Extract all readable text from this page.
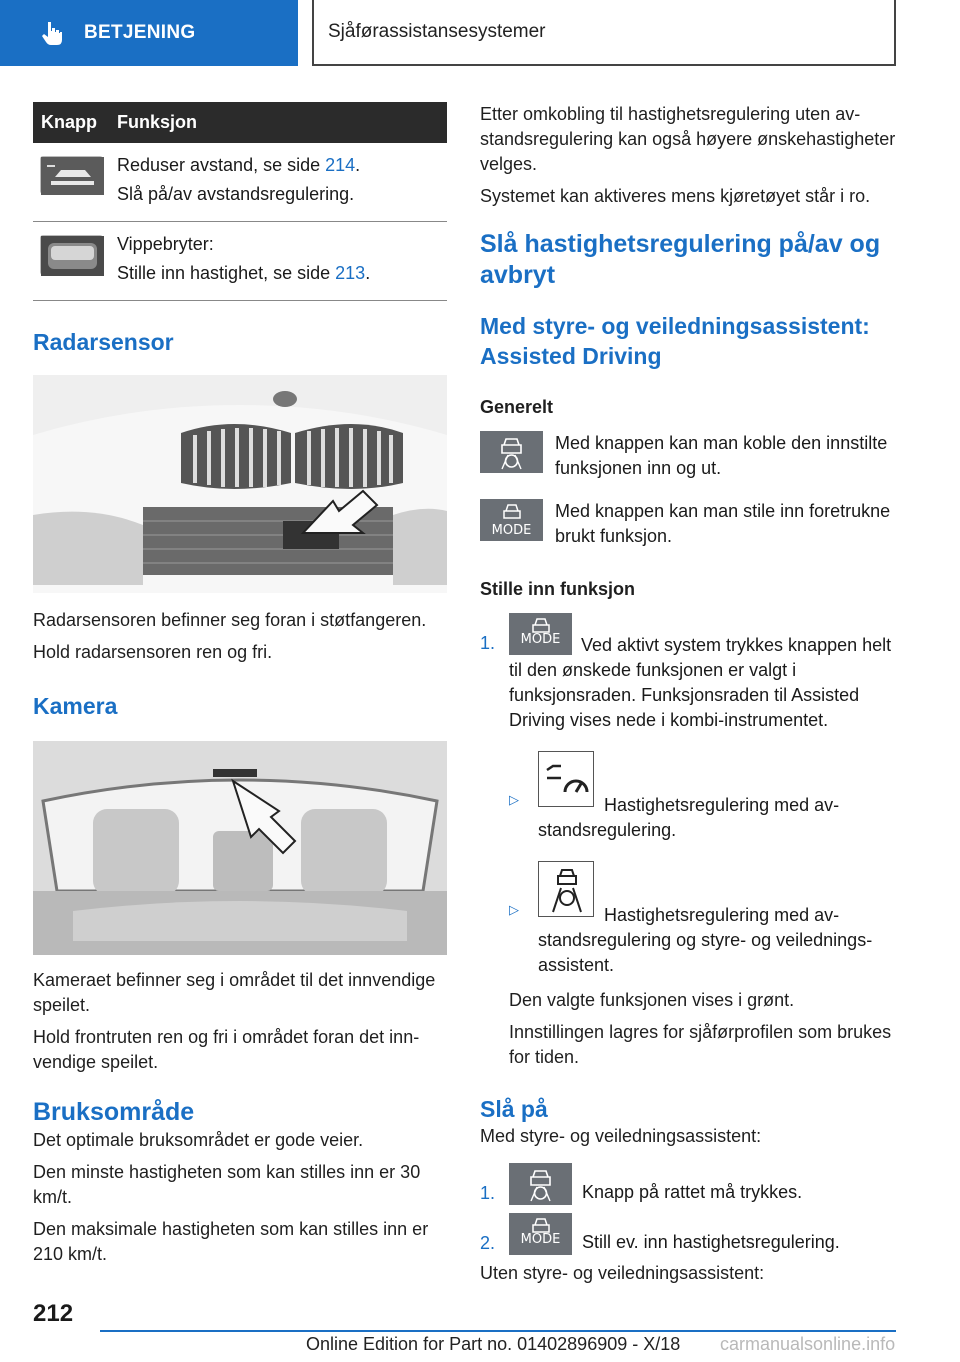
BETJENING	Sjåførassistansesystemer
Knapp	Funksjon

Reduser avstand, se side 214.
Slå på/av avstandsregulering.

Vippebryter:
Stille inn hastighet, se side 213.
Radarsensor

Radarsensoren befinner seg foran i støtfangeren.

Hold radarsensoren ren og fri.

Kamera

Kameraet befinner seg i området til det innvendige speilet.

Hold frontruten ren og fri i området foran det innvendige speilet.

Bruksområde

Det optimale bruksområdet er gode veier.

Den minste hastigheten som kan stilles inn er 30 km/t.

Den maksimale hastigheten som kan stilles inn er 210 km/t.

Etter omkobling til hastighetsregulering uten avstandsregulering kan også høyere ønskehastigheter velges.

Systemet kan aktiveres mens kjøretøyet står i ro.

Slå hastighetsregulering på/av og avbryt
Med styre- og veiledningsassistent: Assisted Driving
Generelt
Med knappen kan man koble den innstilte funksjonen inn og ut.
MODE
Med knappen kan man stile inn foretrukne brukt funksjon.
Stille inn funksjon
1.	MODE	Ved aktivt system trykkes knappen helt til den ønskede funksjonen er valgt i funksjonsraden. Funksjonsraden til Assisted Driving vises nede i kombi-instrumentet.
▷	Hastighetsregulering med avstandsregulering.
▷	Hastighetsregulering med avstandsregulering og styre- og veiledningsassistent.

Den valgte funksjonen vises i grønt.

Innstillingen lagres for sjåførprofilen som brukes for tiden.

Slå på

Med styre- og veiledningsassistent:

1.	Knapp på rattet må trykkes.
2.	MODE	Still ev. inn hastighetsregulering.

Uten styre- og veiledningsassistent:

212
Online Edition for Part no. 01402896909 - X/18 carmanualsonline.info
